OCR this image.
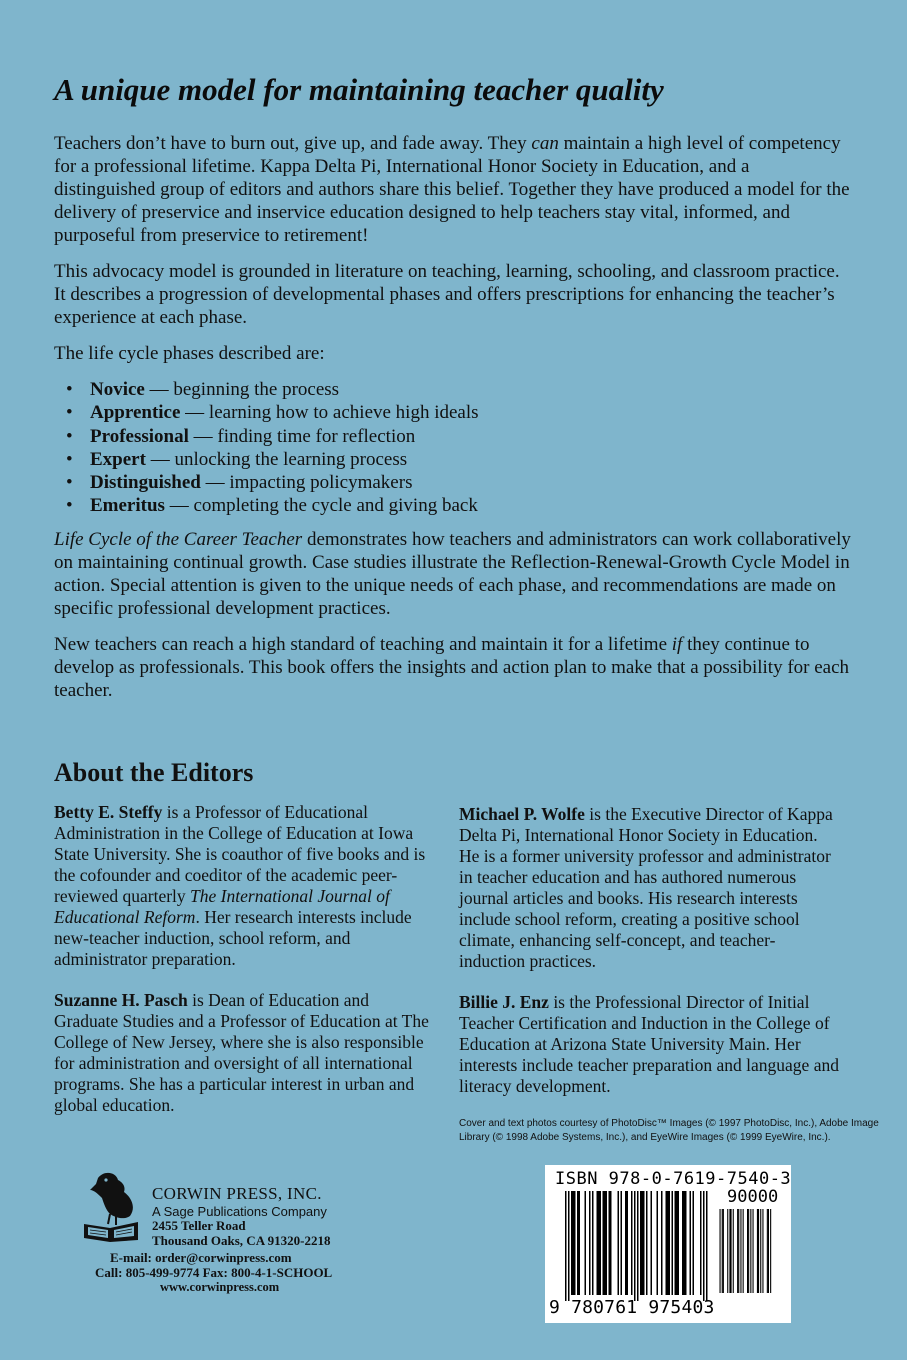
A unique model for maintaining teacher quality

Teachers don’t have to burn out, give up, and fade away. They can maintain a high level of competency for a professional lifetime. Kappa Delta Pi, International Honor Society in Education, and a distinguished group of editors and authors share this belief. Together they have produced a model for the delivery of preservice and inservice education designed to help teachers stay vital, informed, and purposeful from preservice to retirement!

This advocacy model is grounded in literature on teaching, learning, schooling, and classroom practice. It describes a progression of developmental phases and offers prescriptions for enhancing the teacher’s experience at each phase.

The life cycle phases described are:

• Novice — beginning the process
• Apprentice — learning how to achieve high ideals
• Professional — finding time for reflection
• Expert — unlocking the learning process
• Distinguished — impacting policymakers
• Emeritus — completing the cycle and giving back

Life Cycle of the Career Teacher demonstrates how teachers and administrators can work collaboratively on maintaining continual growth. Case studies illustrate the Reflection-Renewal-Growth Cycle Model in action. Special attention is given to the unique needs of each phase, and recommendations are made on specific professional development practices.

New teachers can reach a high standard of teaching and maintain it for a lifetime if they continue to develop as professionals. This book offers the insights and action plan to make that a possibility for each teacher.

About the Editors

Betty E. Steffy is a Professor of Educational Administration in the College of Education at Iowa State University. She is coauthor of five books and is the cofounder and coeditor of the academic peer-reviewed quarterly The International Journal of Educational Reform. Her research interests include new-teacher induction, school reform, and administrator preparation.

Suzanne H. Pasch is Dean of Education and Graduate Studies and a Professor of Education at The College of New Jersey, where she is also responsible for administration and oversight of all international programs. She has a particular interest in urban and global education.

Michael P. Wolfe is the Executive Director of Kappa Delta Pi, International Honor Society in Education. He is a former university professor and administrator in teacher education and has authored numerous journal articles and books. His research interests include school reform, creating a positive school climate, enhancing self-concept, and teacher-induction practices.

Billie J. Enz is the Professional Director of Initial Teacher Certification and Induction in the College of Education at Arizona State University Main. Her interests include teacher preparation and language and literacy development.

Cover and text photos courtesy of PhotoDisc™ Images (© 1997 PhotoDisc, Inc.), Adobe Image Library (© 1998 Adobe Systems, Inc.), and EyeWire Images (© 1999 EyeWire, Inc.).
CORWIN PRESS, INC.
A Sage Publications Company
2455 Teller Road
Thousand Oaks, CA 91320-2218
E-mail: order@corwinpress.com
Call: 805-499-9774 Fax: 800-4-1-SCHOOL
www.corwinpress.com
ISBN 978-0-7619-7540-3
90000
9 780761 975403
